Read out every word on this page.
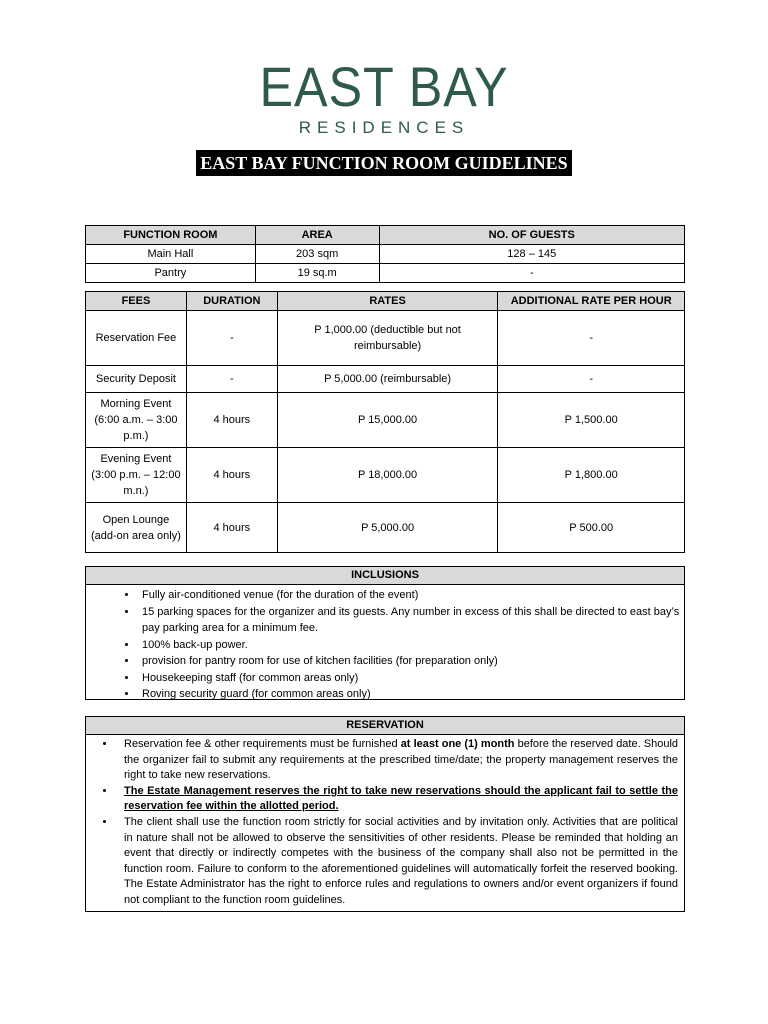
EAST BAY
RESIDENCES
EAST BAY FUNCTION ROOM GUIDELINES
FUNCTION ROOM	AREA	NO. OF GUESTS
Main Hall	203 sqm	128 – 145
Pantry	19 sq.m	-
FEES	DURATION	RATES	ADDITIONAL RATE PER HOUR
Reservation Fee	-	P 1,000.00 (deductible but not reimbursable)	-
Security Deposit	-	P 5,000.00 (reimbursable)	-
Morning Event (6:00 a.m. – 3:00 p.m.)	4 hours	P 15,000.00	P 1,500.00
Evening Event (3:00 p.m. – 12:00 m.n.)	4 hours	P 18,000.00	P 1,800.00
Open Lounge (add-on area only)	4 hours	P 5,000.00	P 500.00
INCLUSIONS
• Fully air-conditioned venue (for the duration of the event)
• 15 parking spaces for the organizer and its guests. Any number in excess of this shall be directed to east bay’s pay parking area for a minimum fee.
• 100% back-up power.
• provision for pantry room for use of kitchen facilities (for preparation only)
• Housekeeping staff (for common areas only)
• Roving security guard (for common areas only)
RESERVATION
• Reservation fee & other requirements must be furnished at least one (1) month before the reserved date. Should the organizer fail to submit any requirements at the prescribed time/date; the property management reserves the right to take new reservations.
• The Estate Management reserves the right to take new reservations should the applicant fail to settle the reservation fee within the allotted period.
• The client shall use the function room strictly for social activities and by invitation only. Activities that are political in nature shall not be allowed to observe the sensitivities of other residents. Please be reminded that holding an event that directly or indirectly competes with the business of the company shall also not be permitted in the function room. Failure to conform to the aforementioned guidelines will automatically forfeit the reserved booking. The Estate Administrator has the right to enforce rules and regulations to owners and/or event organizers if found not compliant to the function room guidelines.
